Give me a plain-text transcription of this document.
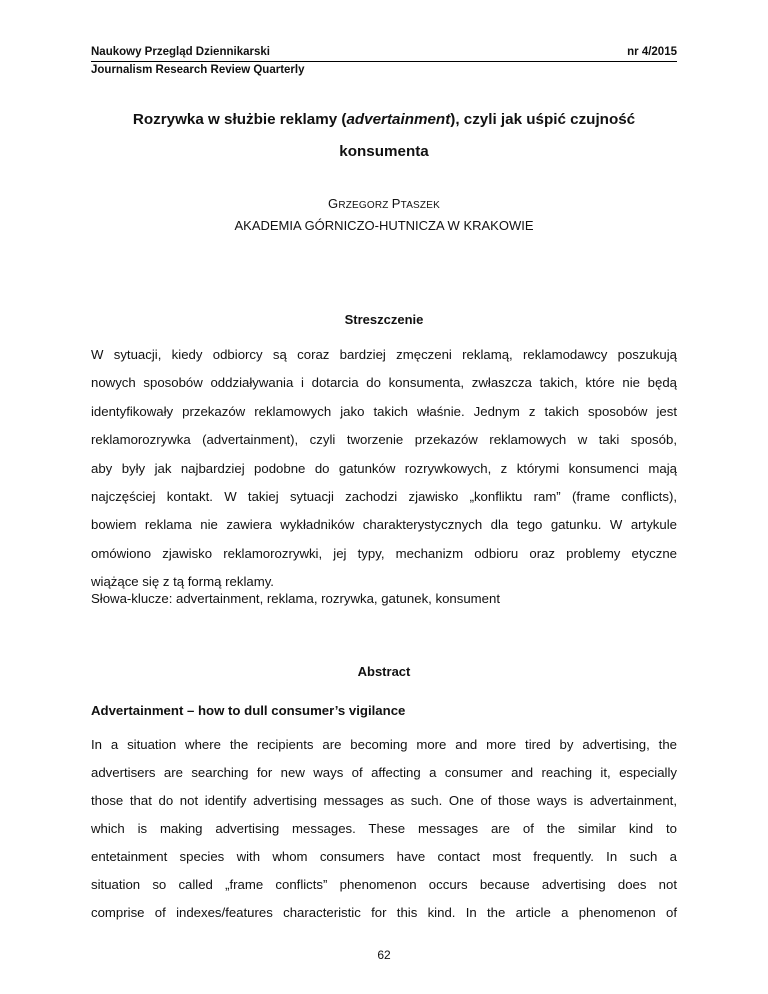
Naukowy Przegląd Dziennikarski	nr 4/2015
Journalism Research Review Quarterly
Rozrywka w służbie reklamy (advertainment), czyli jak uśpić czujność
konsumenta
GRZEGORZ PTASZEK
AKADEMIA GÓRNICZO-HUTNICZA W KRAKOWIE
Streszczenie
W sytuacji, kiedy odbiorcy są coraz bardziej zmęczeni reklamą, reklamodawcy poszukują
nowych sposobów oddziaływania i dotarcia do konsumenta, zwłaszcza takich, które nie będą
identyfikowały przekazów reklamowych jako takich właśnie. Jednym z takich sposobów jest
reklamorozrywka (advertainment), czyli tworzenie przekazów reklamowych w taki sposób,
aby były jak najbardziej podobne do gatunków rozrywkowych, z którymi konsumenci mają
najczęściej kontakt. W takiej sytuacji zachodzi zjawisko „konfliktu ram” (frame conflicts),
bowiem reklama nie zawiera wykładników charakterystycznych dla tego gatunku. W artykule
omówiono zjawisko reklamorozrywki, jej typy, mechanizm odbioru oraz problemy etyczne
wiążące się z tą formą reklamy.
Słowa-klucze: advertainment, reklama, rozrywka, gatunek, konsument
Abstract
Advertainment – how to dull consumer’s vigilance
In a situation where the recipients are becoming more and more tired by advertising, the
advertisers are searching for new ways of affecting a consumer and reaching it, especially
those that do not identify advertising messages as such. One of those ways is advertainment,
which is making advertising messages. These messages are of the similar kind to
entetainment species with whom consumers have contact most frequently. In such a
situation so called „frame conflicts” phenomenon occurs because advertising does not
comprise of indexes/features characteristic for this kind. In the article a phenomenon of
62
